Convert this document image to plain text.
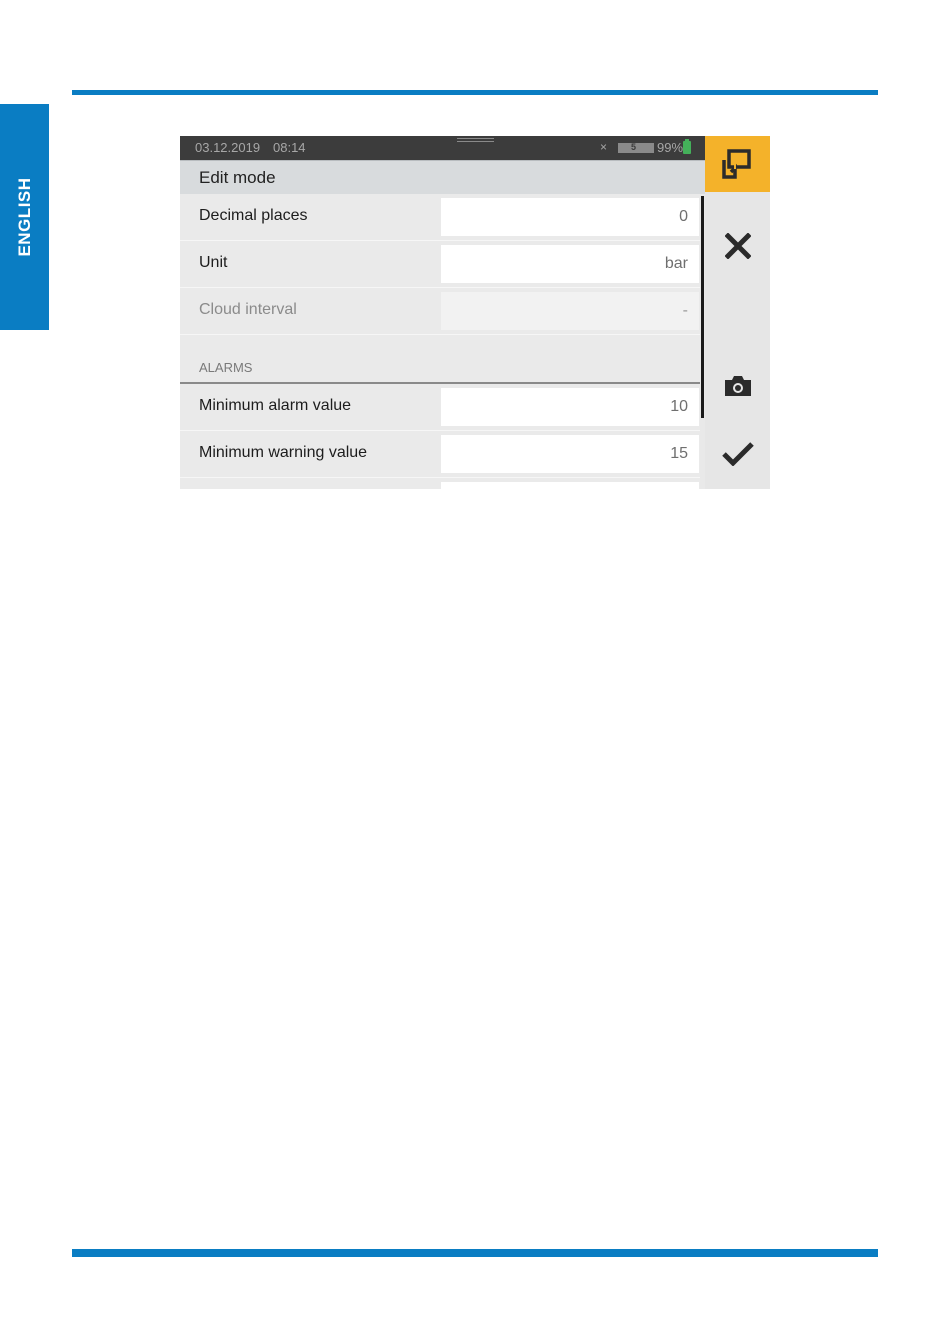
ENGLISH
03.12.2019 08:14	×	5 99%
Edit mode
Decimal places	0
Unit	bar
Cloud interval	-
ALARMS
Minimum alarm value	10
Minimum warning value	15
